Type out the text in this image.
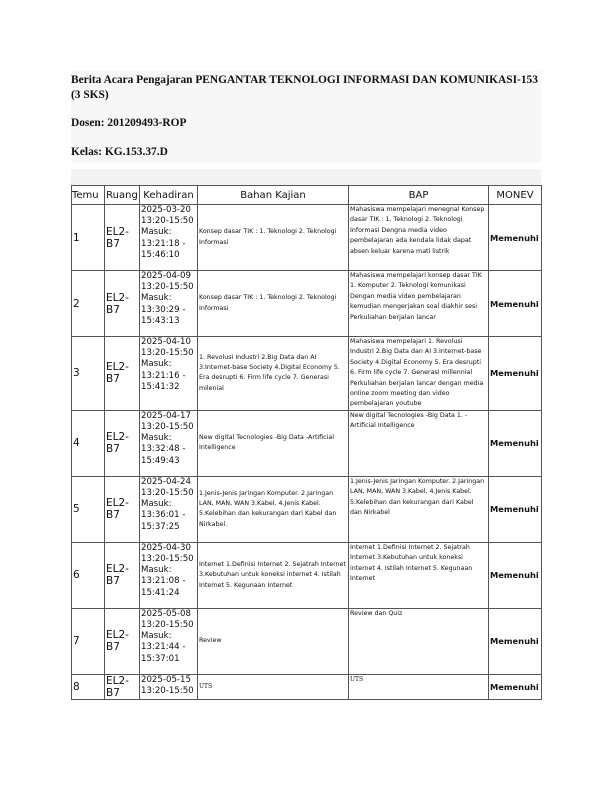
Berita Acara Pengajaran PENGANTAR TEKNOLOGI INFORMASI DAN KOMUNIKASI-153 (3 SKS)

Dosen: 201209493-ROP

Kelas: KG.153.37.D

Temu	Ruang	Kehadiran	Bahan Kajian	BAP	MONEV
1	EL2-B7	2025-03-20 13:20-15:50 Masuk: 13:21:18 - 15:46:10	Konsep dasar TIK : 1. Teknologi 2. Teknologi Informasi	Mahasiswa mempelajari menegnal Konsep dasar TIK : 1. Teknologi 2. Teknologi Informasi Dengna media video pembelajaran ada kendala lidak dapat absen keluar karena mati listrik	Memenuhi
2	EL2-B7	2025-04-09 13:20-15:50 Masuk: 13:30:29 - 15:43:13	Konsep dasar TIK : 1. Teknologi 2. Teknologi Informasi	Mahasiswa mempelajari konsep dasar TIK 1. Komputer 2. Teknologi komunikasi Dengan media video pembelajaran kemudian mengerjakan soal diakhir sesi Perkuliahan berjalan lancar	Memenuhi
3	EL2-B7	2025-04-10 13:20-15:50 Masuk: 13:21:16 - 15:41:32	1. Revolusi Industri 2.Big Data dan AI 3.Internet-base Society 4.Digital Economy 5. Era desrupti 6. Firm life cycle 7. Generasi milenial	Mahasiswa mempelajari 1. Revolusi Industri 2.Big Data dan AI 3.Internet-base Society 4.Digital Economy 5. Era desrupti 6. Firm life cycle 7. Generasi millennial Perkuliahan berjalan lancar dengan media online zoom meeting dan video pembelajaran youtube	Memenuhi
4	EL2-B7	2025-04-17 13:20-15:50 Masuk: 13:32:48 - 15:49:43	New digital Tecnologies -Big Data -Artificial Intelligence	New digital Tecnologies -Big Data 1. -Artificial Intelligence	Memenuhi
5	EL2-B7	2025-04-24 13:20-15:50 Masuk: 13:36:01 - 15:37:25	1.Jenis-Jenis Jaringan Komputer. 2.Jaringan LAN, MAN, WAN 3.Kabel. 4.Jenis Kabel. 5.Kelebihan dan kekurangan dari Kabel dan Nirkabel.	1.Jenis-Jenis Jaringan Komputer. 2.Jaringan LAN, MAN, WAN 3.Kabel. 4.Jenis Kabel. 5.Kelebihan dan kekurangan dari Kabel dan Nirkabel	Memenuhi
6	EL2-B7	2025-04-30 13:20-15:50 Masuk: 13:21:08 - 15:41:24	Internet 1.Definisi Internet 2. Sejatrah Internet 3.Kebutuhan untuk koneksi internet 4. Istilah Internet 5. Kegunaan Internet	Internet 1.Definisi Internet 2. Sejatrah Internet 3.Kebutuhan untuk koneksi internet 4. Istilah Internet 5. Kegunaan Internet	Memenuhi
7	EL2-B7	2025-05-08 13:20-15:50 Masuk: 13:21:44 - 15:37:01	Review	Review dan Quiz	Memenuhi
8	EL2-B7	2025-05-15 13:20-15:50	UTS	UTS	Memenuhi
